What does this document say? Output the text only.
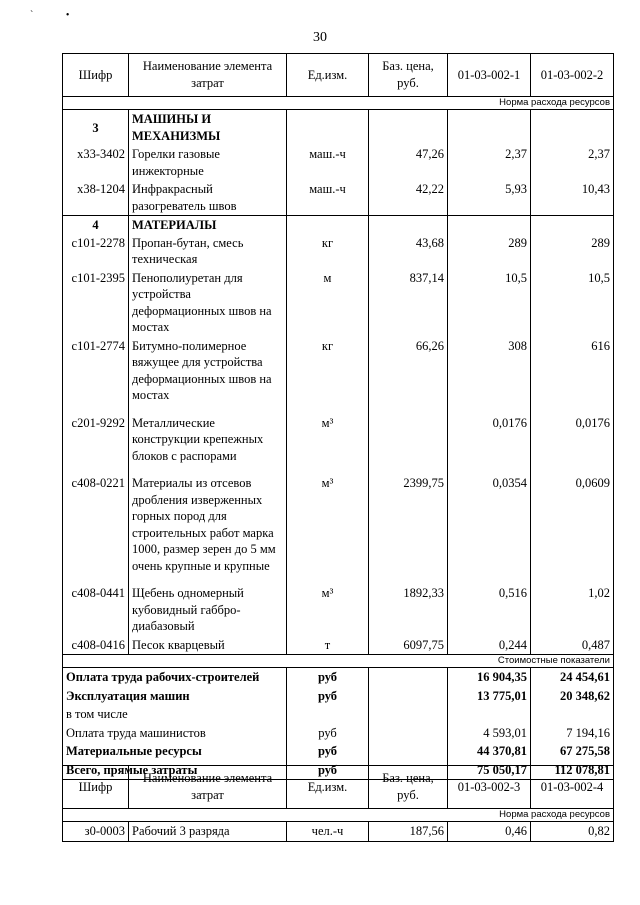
`	•
30
Шифр	Наименование элемента затрат	Ед.изм.	Баз. цена, руб.	01-03-002-1	01-03-002-2
Норма расхода ресурсов					
3	МАШИНЫ И МЕХАНИЗМЫ				
х33-3402	Горелки газовые инжекторные	маш.-ч	47,26	2,37	2,37
х38-1204	Инфракрасный разогреватель швов	маш.-ч	42,22	5,93	10,43
4	МАТЕРИАЛЫ				
с101-2278	Пропан-бутан, смесь техническая	кг	43,68	289	289
с101-2395	Пенополиуретан для устройства деформационных швов на мостах	м	837,14	10,5	10,5
с101-2774	Битумно-полимерное вяжущее для устройства деформационных швов на мостах	кг	66,26	308	616
с201-9292	Металлические конструкции крепежных блоков с распорами	м³		0,0176	0,0176
с408-0221	Материалы из отсевов дробления изверженных горных пород для строительных работ марка 1000, размер зерен до 5 мм очень крупные и крупные	м³	2399,75	0,0354	0,0609
с408-0441	Щебень одномерный кубовидный габбро-диабазовый	м³	1892,33	0,516	1,02
с408-0416	Песок кварцевый	т	6097,75	0,244	0,487
Стоимостные показатели					
Оплата труда рабочих-строителей		руб		16 904,35	24 454,61
Эксплуатация машин		руб		13 775,01	20 348,62
в том числе					
Оплата труда машинистов		руб		4 593,01	7 194,16
Материальные ресурсы		руб		44 370,81	67 275,58
Всего, прямые затраты		руб		75 050,17	112 078,81
Шифр	Наименование элемента затрат	Ед.изм.	Баз. цена, руб.	01-03-002-3	01-03-002-4
Норма расхода ресурсов					
з0-0003	Рабочий 3 разряда	чел.-ч	187,56	0,46	0,82
